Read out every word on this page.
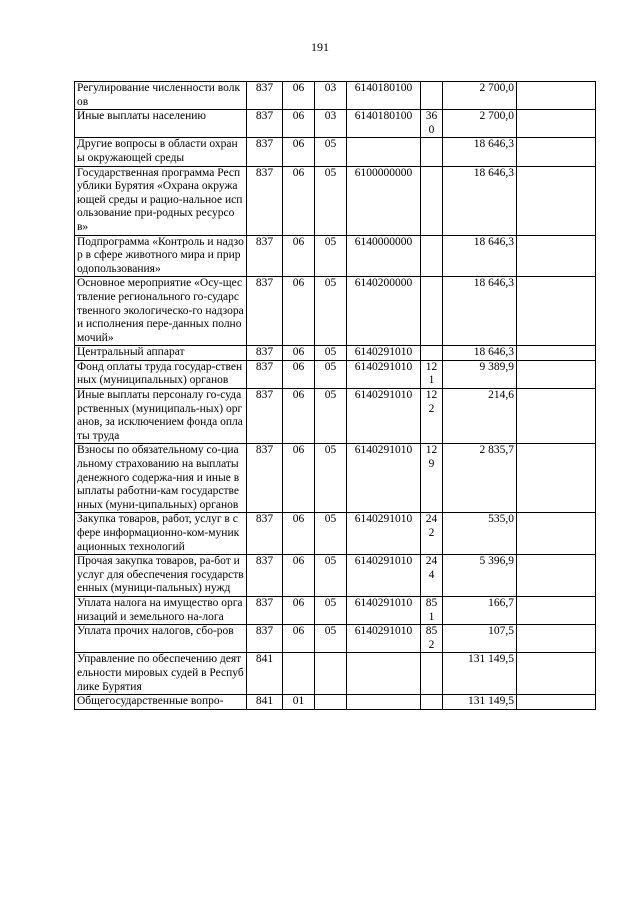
191
Регулирование численности волков	837	06	03	6140180100		2 700,0	
Иные выплаты населению	837	06	03	6140180100	360	2 700,0	
Другие вопросы в области охраны окружающей среды	837	06	05			18 646,3	
Государственная программа Республики Бурятия «Охрана окружающей среды и рацио-нальное использование при-родных ресурсов»	837	06	05	6100000000		18 646,3	
Подпрограмма «Контроль и надзор в сфере животного мира и природопользования»	837	06	05	6140000000		18 646,3	
Основное мероприятие «Осу-ществление регионального го-сударственного экологическо-го надзора и исполнения пере-данных полномочий»	837	06	05	6140200000		18 646,3	
Центральный аппарат	837	06	05	6140291010		18 646,3	
Фонд оплаты труда государ-ственных (муниципальных) органов	837	06	05	6140291010	121	9 389,9	
Иные выплаты персоналу го-сударственных (муниципаль-ных) органов, за исключением фонда оплаты труда	837	06	05	6140291010	122	214,6	
Взносы по обязательному со-циальному страхованию на выплаты денежного содержа-ния и иные выплаты работни-кам государственных (муни-ципальных) органов	837	06	05	6140291010	129	2 835,7	
Закупка товаров, работ, услуг в сфере информационно-ком-муникационных технологий	837	06	05	6140291010	242	535,0	
Прочая закупка товаров, ра-бот и услуг для обеспечения государственных (муници-пальных) нужд	837	06	05	6140291010	244	5 396,9	
Уплата налога на имущество организаций и земельного на-лога	837	06	05	6140291010	851	166,7	
Уплата прочих налогов, сбо-ров	837	06	05	6140291010	852	107,5	
Управление по обеспечению деятельности мировых судей в Республике Бурятия	841					131 149,5	
Общегосударственные вопро-	841	01				131 149,5	
